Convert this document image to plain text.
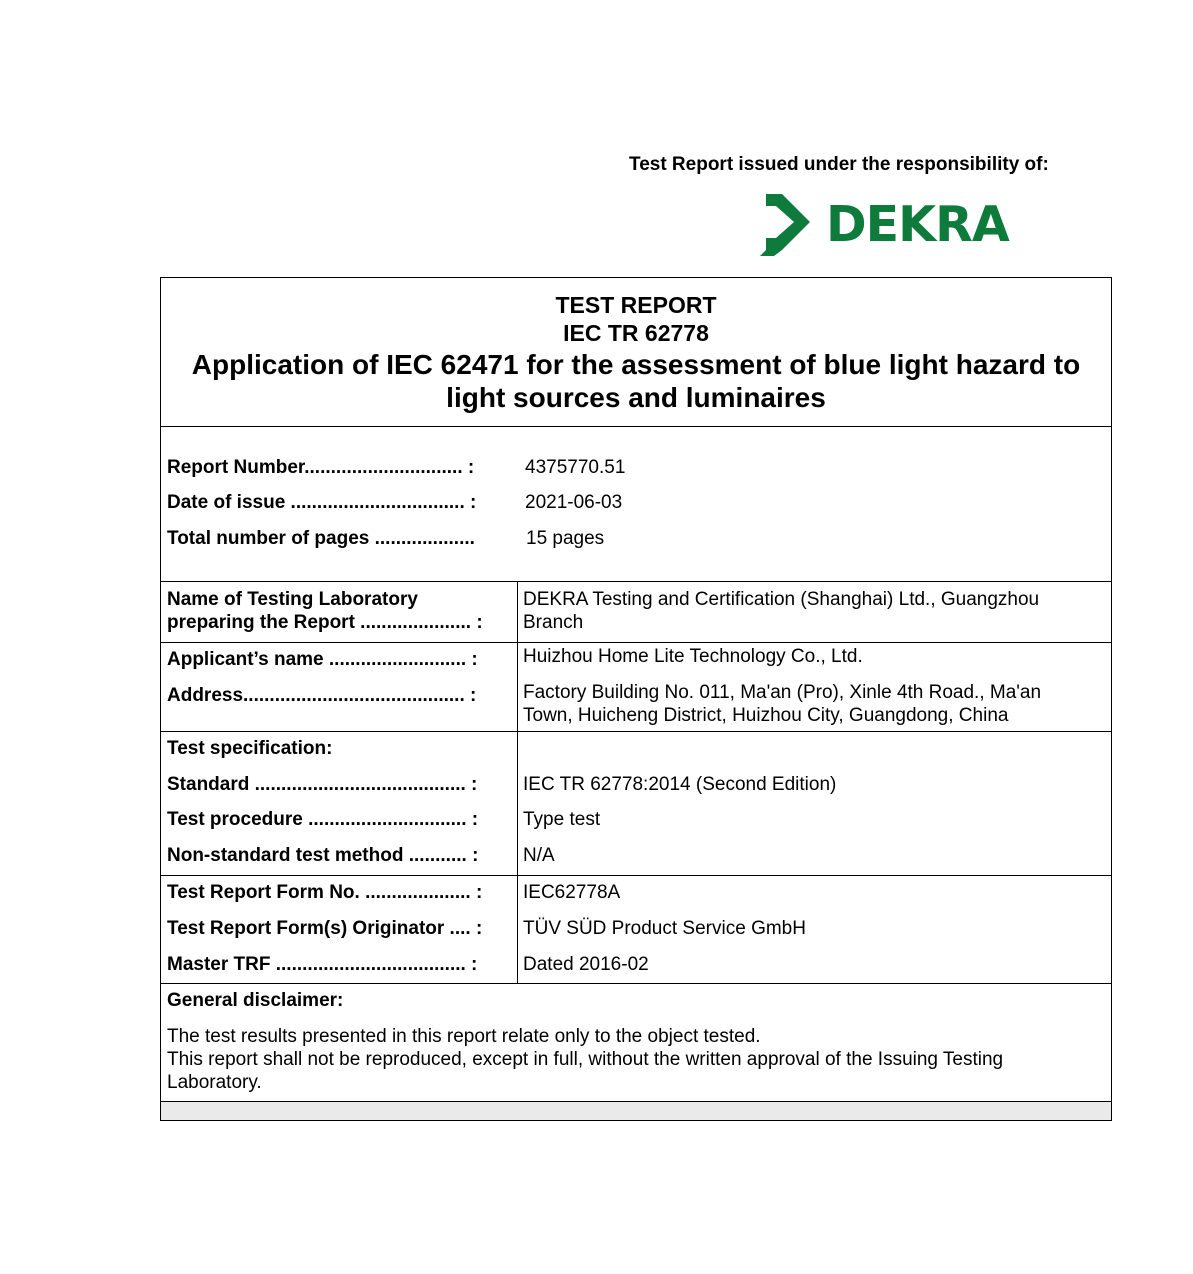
Test Report issued under the responsibility of:
DEKRA
TEST REPORT
IEC TR 62778
Application of IEC 62471 for the assessment of blue light hazard to light sources and luminaires
Report Number.............................. :	4375770.51
Date of issue ................................. :	2021-06-03
Total number of pages ...................	15 pages
Name of Testing Laboratory preparing the Report ..................... :
DEKRA Testing and Certification (Shanghai) Ltd., Guangzhou Branch
Applicant’s name .......................... : Huizhou Home Lite Technology Co., Ltd.
Address.......................................... : Factory Building No. 011, Ma'an (Pro), Xinle 4th Road., Ma'an Town, Huicheng District, Huizhou City, Guangdong, China
Test specification:
Standard ........................................ : IEC TR 62778:2014 (Second Edition)
Test procedure .............................. : Type test
Non-standard test method ........... : N/A
Test Report Form No. .................... : IEC62778A
Test Report Form(s) Originator .... : TÜV SÜD Product Service GmbH
Master TRF .................................... : Dated 2016-02
General disclaimer:
The test results presented in this report relate only to the object tested.
This report shall not be reproduced, except in full, without the written approval of the Issuing Testing Laboratory.
